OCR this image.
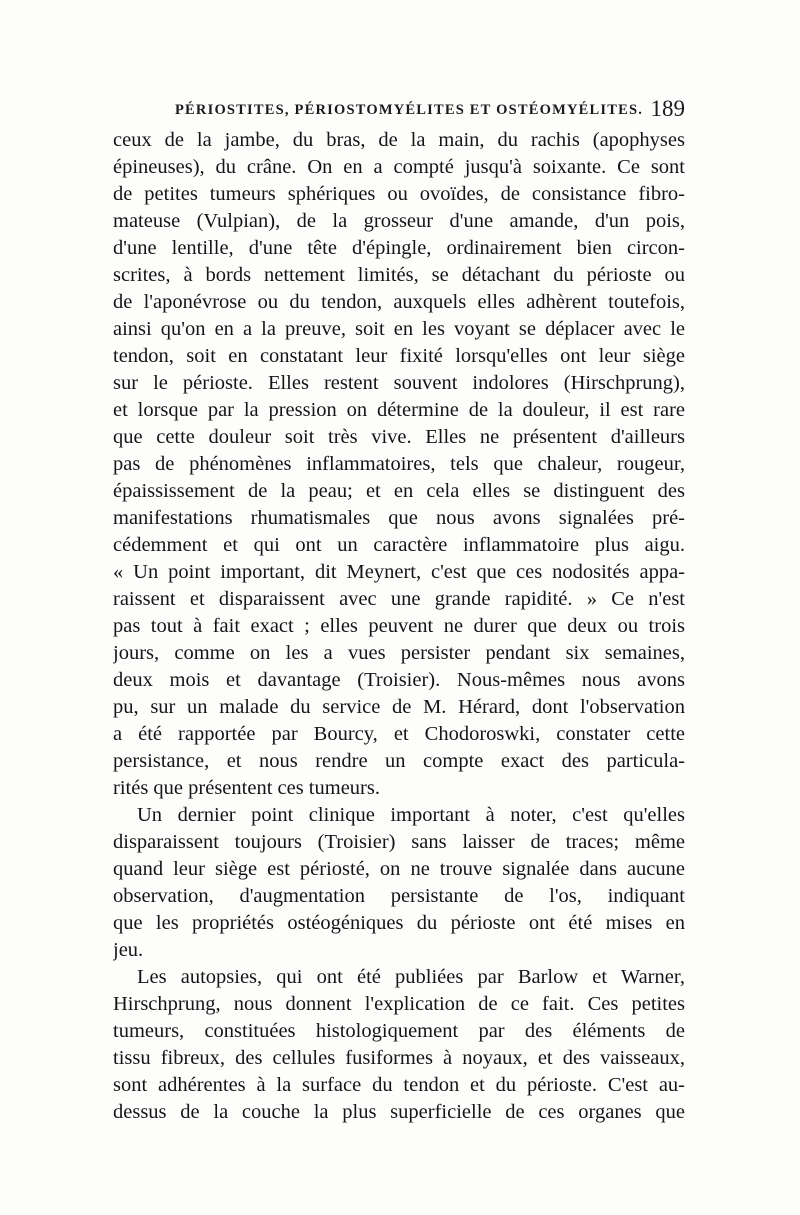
PÉRIOSTITES, PÉRIOSTOMYÉLITES ET OSTÉOMYÉLITES. 189
ceux de la jambe, du bras, de la main, du rachis (apophyses
épineuses), du crâne. On en a compté jusqu'à soixante. Ce sont
de petites tumeurs sphériques ou ovoïdes, de consistance fibro-
mateuse (Vulpian), de la grosseur d'une amande, d'un pois,
d'une lentille, d'une tête d'épingle, ordinairement bien circon-
scrites, à bords nettement limités, se détachant du périoste ou
de l'aponévrose ou du tendon, auxquels elles adhèrent toutefois,
ainsi qu'on en a la preuve, soit en les voyant se déplacer avec le
tendon, soit en constatant leur fixité lorsqu'elles ont leur siège
sur le périoste. Elles restent souvent indolores (Hirschprung),
et lorsque par la pression on détermine de la douleur, il est rare
que cette douleur soit très vive. Elles ne présentent d'ailleurs
pas de phénomènes inflammatoires, tels que chaleur, rougeur,
épaississement de la peau; et en cela elles se distinguent des
manifestations rhumatismales que nous avons signalées pré-
cédemment et qui ont un caractère inflammatoire plus aigu.
« Un point important, dit Meynert, c'est que ces nodosités appa-
raissent et disparaissent avec une grande rapidité. » Ce n'est
pas tout à fait exact ; elles peuvent ne durer que deux ou trois
jours, comme on les a vues persister pendant six semaines,
deux mois et davantage (Troisier). Nous-mêmes nous avons
pu, sur un malade du service de M. Hérard, dont l'observation
a été rapportée par Bourcy, et Chodoroswki, constater cette
persistance, et nous rendre un compte exact des particula-
rités que présentent ces tumeurs.
Un dernier point clinique important à noter, c'est qu'elles
disparaissent toujours (Troisier) sans laisser de traces; même
quand leur siège est périosté, on ne trouve signalée dans aucune
observation, d'augmentation persistante de l'os, indiquant
que les propriétés ostéogéniques du périoste ont été mises en
jeu.
Les autopsies, qui ont été publiées par Barlow et Warner,
Hirschprung, nous donnent l'explication de ce fait. Ces petites
tumeurs, constituées histologiquement par des éléments de
tissu fibreux, des cellules fusiformes à noyaux, et des vaisseaux,
sont adhérentes à la surface du tendon et du périoste. C'est au-
dessus de la couche la plus superficielle de ces organes que
